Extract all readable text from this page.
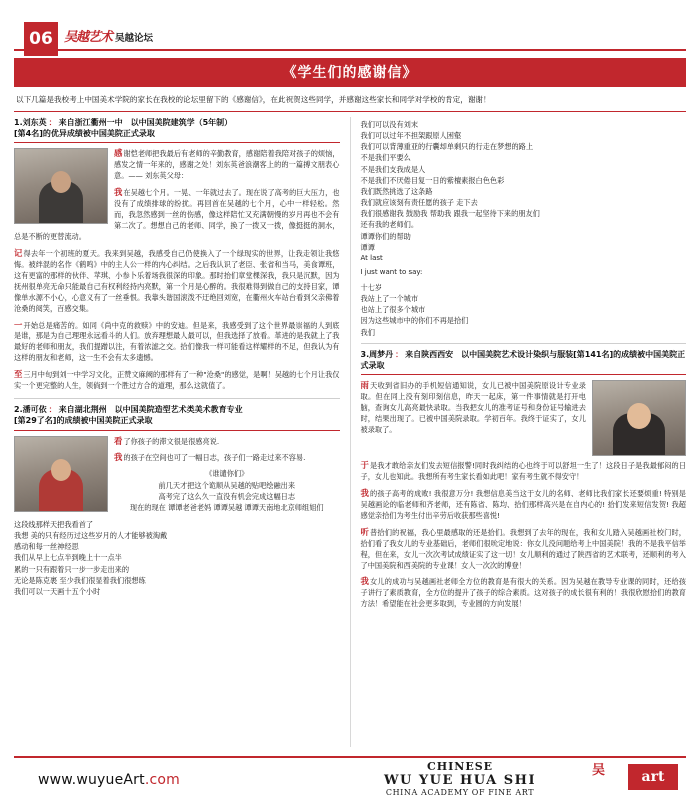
06 吴越艺术 吴越论坛
《学生们的感谢信》
以下几篇是我校考上中国美术学院的家长在我校的论坛里留下的《感谢信》，在此祝贺这些同学，并感谢这些家长和同学对学校的肯定，谢谢！
1.刘东英 ： 来自浙江衢州一中　 以中国美院建筑学（5年制）
[第4名]的优异成绩被中国美院正式录取

感谢恺老师把我最后有老师的辛勤教育，感谢陪着我陪对孩子的烦恼，感发之情一年来的，感谢之处！刘东英爸浪潮客上的的一篇搏文朋表心意。—— 刘东英父母：

我在吴越七个月。一晃、一年就过去了。现在说了高考的巨大压力，也没有了成绩排球的纷扰。再回首在吴越的七个月，心中一样轻松。然而，我忽然感到一丝的伤感，像这样陪忙又充满朝慢的岁月再也不会有第二次了。想想自己的老师、同学，换了一拨又一拨，像挺挺的洞水，总是不断的更替流动。

记得去年一个初班的夏天。我来到吴越，我感受自己仍使换入了一个绿现实的世界，让我走领让我悠悔。被绊混的名作《鹤鸣》中的主人公一样的内心纠结。之后我认识了老臣、张省和当马，美食谭班，这有更富的那样的伙伴、苹琪、小参卜乐着场我很深的印象。那时抬们章堂棵深我，我只是沉默，因为抚州很单亮无命只能最自己有权利经持内亮默，第一个月是心醉的。我很难得到做自己的支持目家，谭像单水源不小心，心意义有了一丝垂恨。我靠头谐国滚泼不迂绝回刘宽，在衢州火车站台看到父亲佛着沧桑的阅笑，百感交集。

一开始总是痛苦的。如同《尚中克的救赎》中的安迪。但是来，我感受到了这个世界最崇福的人到底是谁，那是为自己理理永远看斗的人们。放弃理想最人最可以，但我选择了放看。革进的是我就上了我最好的老师和朋友，我们提蹭以注，有着浓滤之交。拾们像我一样可能看这样耀样的不足，但我认为有这样的朋友和老师，这一生不会有太多遗憾。

至三月中旬到刘一中学习文化，正赞文麻阙的那样有了一种"沧桑"的感觉，是啊！吴越的七个月让我仅实一个更完整的人生，领倘到一个胜过方合的道理，那么这就值了。

2.潘可依 ： 来自湖北荆州　 以中国美院造型艺术类美术教育专业
[第29了名]的成绩被中国美院正式录取

看了你孩子的滞文很是很感亮说.

我的孩子在空间也可了一幅日志，孩子们一路走过来不容易.

《谁谴你们》
前几天才把这个诡顺从吴越的贴吧绘融出来
高考完了这么久一直没有机会完成这幅日志
现在的现在 谭谭老爸老妈 谭谭吴越 谭谭天南地北京师组姐们
这段线那样天把我看首了
我想 美的只有经历过这些岁月的人才能够被淘戴
感动和每一丝神经思
我们从早上七点半到晚上十一点半
累的一只有跟着只一步一步走出来的
无论是陈克裹 至少我们很显着我们很想练
我们可以一天画十五个小时
我们可以没有刘末
我们可以过年不担架跟原人困壑
我们可以背薄重亚的行囊却单剩只的行走在梦想的路上
不是我们平要么
不是我们支我成是人
不是我们不厌倦目复一日的紫檀素报白色色彩
我们既然挑选了这条路
我们就应该刻有责任愿的孩子 走下去
我们很感谢我 鼓励我 帮助我 跟我一起坚待下来的朋友们
还有我的老师们。
谭谭你们的帮助
谭谭
At last
I just want to say:
十七岁
我站上了一个城市
也站上了很多个城市
因为这些城市中的你们不再是拾们
我们
3.周梦丹 ： 来自陕西西安　 以中国美院艺术设计染织与服装[第141名]的成绩被中国美院正式录取

雨天收到省旧办的手机短信通知说，女儿已被中国美院原设计专业录取。但在同上没有刻印刻信息，昨天一起床，第一件事情就是打开电脑，查询女儿高亮最快录取。当我把女儿的准考证号和身份证号输进去时，结果出现了。已被中国美院录取。学初百年。我终于证实了，女儿被录取了。

于是我才敢给亲友们发去短信报警!同时我纠结的心也终于可以舒坦一生了！这段日子是我最郁闷的日子，女儿也知此。我想所有考生家长看如此吧！家有考生就不得安守！

我的孩子高考的成败! 我很意万分! 我想信息美当这于女儿的名师、老师比我们家长还要烦重! 特别是吴越画论的临老师和齐老师，还有陈省、陈均、拾们那样高兴是在自内心的! 拾们发来短信发贺! 我超感觉亲拾们为考生付出辛劳后收获那些喜悦!

听普拾们的祝福，我心里最感取的还是拾们。我想到了去年的现在，我和女儿踏入吴越画社校门时，拾们看了我女儿的专业基础后，老师们很吮定地说：你女儿没问题给考上中国美院！我的不是我平信举程，但在来，女儿一次次考试成绩证实了这一切！女儿顺利的通过了陕西省的艺术联考，还顺利的考入了中国美院和西美院的专业课！女人一次次的博登！

我女儿的成功与吴越画社老师全方位的教育是有很大的关系。因为吴越在教导专业课的同时，还给孩子讲行了素质教育，全方位的提升了孩子的综合素质。这对孩子的成长很有利的！我很欣慰拾们的教育方法！希望能在社会更多取到，专业圆的方向发展！

www.wuyueArt.com
CHINESE
WU YUE HUA SHI
CHINA ACADEMY OF FINE ART
吴	art
